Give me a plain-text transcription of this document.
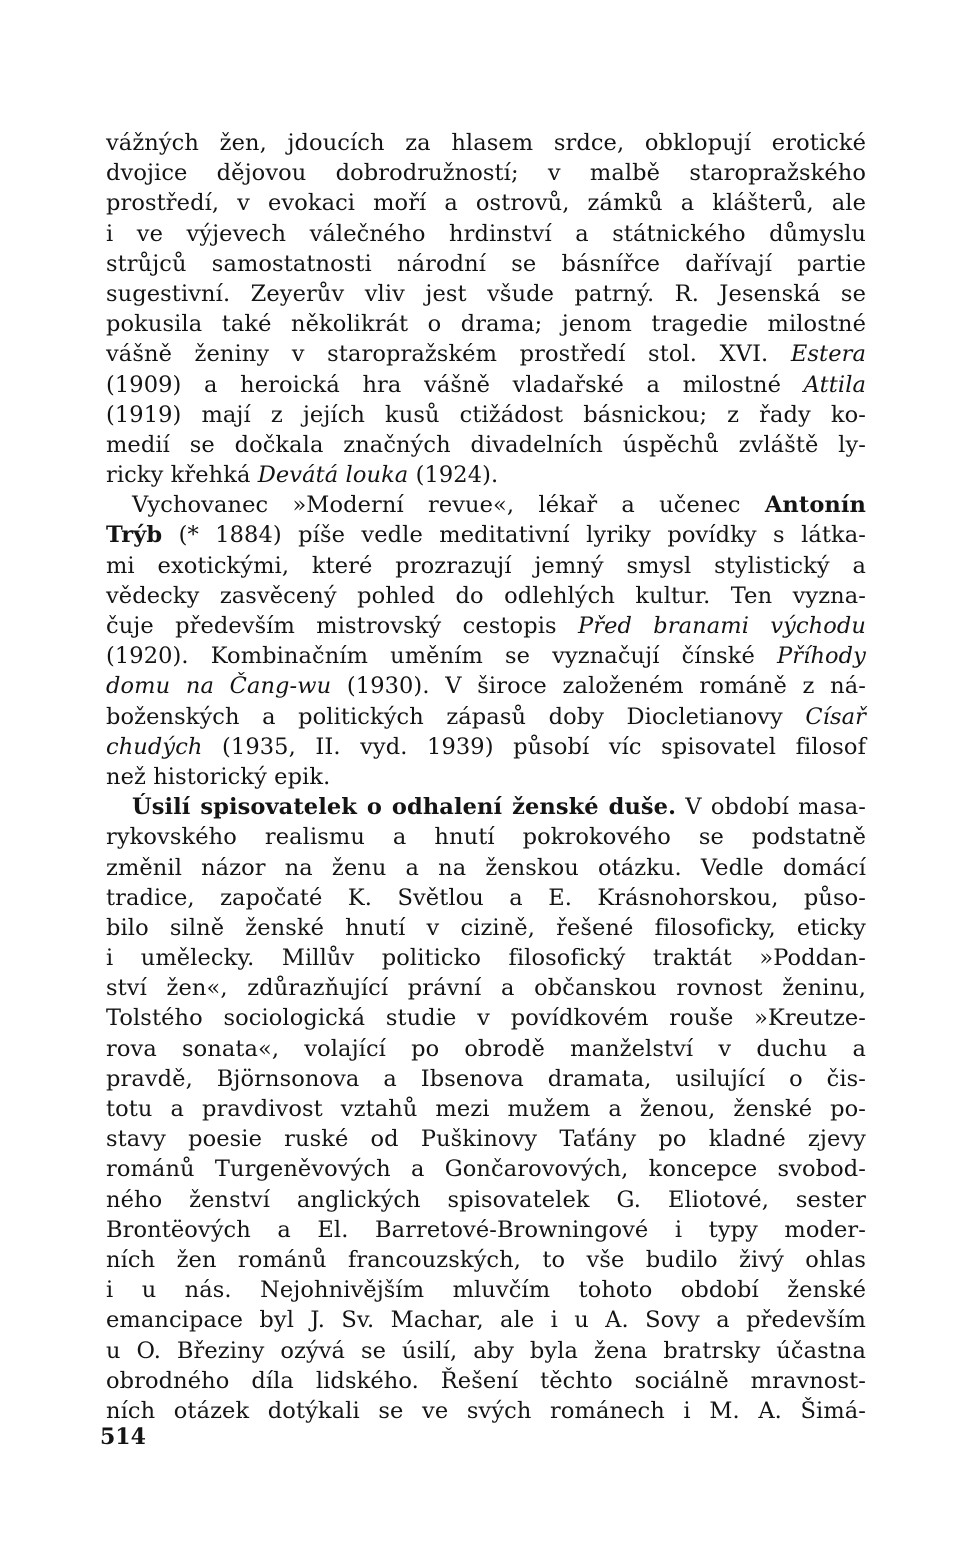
vážných žen, jdoucích za hlasem srdce, obklopují erotické
dvojice dějovou dobrodružností; v malbě staropražského
prostředí, v evokaci moří a ostrovů, zámků a klášterů, ale
i ve výjevech válečného hrdinství a státnického důmyslu
strůjců samostatnosti národní se básnířce dařívají partie
sugestivní. Zeyerův vliv jest všude patrný. R. Jesenská se
pokusila také několikrát o drama; jenom tragedie milostné
vášně ženiny v staropražském prostředí stol. XVI. Estera
(1909) a heroická hra vášně vladařské a milostné Attila
(1919) mají z jejích kusů ctižádost básnickou; z řady ko-
medií se dočkala značných divadelních úspěchů zvláště ly-
ricky křehká Devátá louka (1924).
Vychovanec »Moderní revue«, lékař a učenec Antonín
Trýb (* 1884) píše vedle meditativní lyriky povídky s látka-
mi exotickými, které prozrazují jemný smysl stylistický a
vědecky zasvěcený pohled do odlehlých kultur. Ten vyzna-
čuje především mistrovský cestopis Před branami východu
(1920). Kombinačním uměním se vyznačují čínské Příhody
domu na Čang-wu (1930). V široce založeném románě z ná-
boženských a politických zápasů doby Diocletianovy Císař
chudých (1935, II. vyd. 1939) působí víc spisovatel filosof
než historický epik.
Úsilí spisovatelek o odhalení ženské duše. V období masa-
rykovského realismu a hnutí pokrokového se podstatně
změnil názor na ženu a na ženskou otázku. Vedle domácí
tradice, započaté K. Světlou a E. Krásnohorskou, půso-
bilo silně ženské hnutí v cizině, řešené filosoficky, eticky
i umělecky. Millův politicko filosofický traktát »Poddan-
ství žen«, zdůrazňující právní a občanskou rovnost ženinu,
Tolstého sociologická studie v povídkovém rouše »Kreutze-
rova sonata«, volající po obrodě manželství v duchu a
pravdě, Björnsonova a Ibsenova dramata, usilující o čis-
totu a pravdivost vztahů mezi mužem a ženou, ženské po-
stavy poesie ruské od Puškinovy Taťány po kladné zjevy
románů Turgeněvových a Gončarovových, koncepce svobod-
ného ženství anglických spisovatelek G. Eliotové, sester
Brontëových a El. Barretové-Browningové i typy moder-
ních žen románů francouzských, to vše budilo živý ohlas
i u nás. Nejohnivějším mluvčím tohoto období ženské
emancipace byl J. Sv. Machar, ale i u A. Sovy a především
u O. Březiny ozývá se úsilí, aby byla žena bratrsky účastna
obrodného díla lidského. Řešení těchto sociálně mravnost-
ních otázek dotýkali se ve svých románech i M. A. Šimá-
514
